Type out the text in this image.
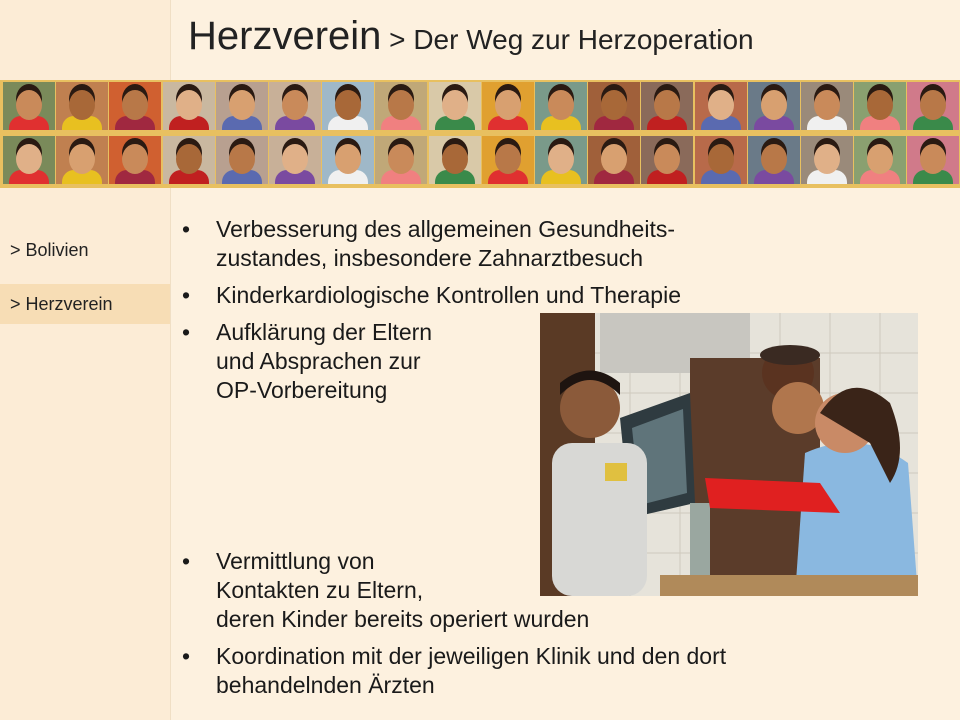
> Bolivien
> Herzverein
Herzverein > Der Weg zur Herzoperation
• Verbesserung des allgemeinen Gesundheits-
zustandes, insbesondere Zahnarztbesuch
• Kinderkardiologische Kontrollen und Therapie
• Aufklärung der Eltern
und Absprachen zur
OP-Vorbereitung
• Vermittlung von
Kontakten zu Eltern,
deren Kinder bereits operiert wurden
• Koordination mit der jeweiligen Klinik und den dort
behandelnden Ärzten
